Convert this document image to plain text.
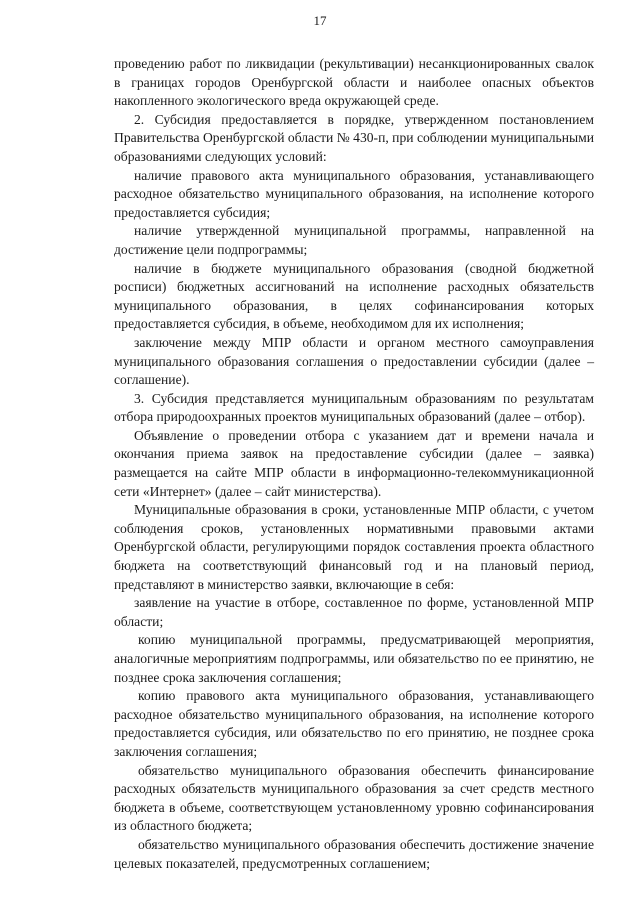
17

проведению работ по ликвидации (рекультивации) несанкционированных свалок в границах городов Оренбургской области и наиболее опасных объектов накопленного экологического вреда окружающей среде.

2. Субсидия предоставляется в порядке, утвержденном постановлением Правительства Оренбургской области № 430-п, при соблюдении муниципальными образованиями следующих условий:

наличие правового акта муниципального образования, устанавливающего расходное обязательство муниципального образования, на исполнение которого предоставляется субсидия;

наличие утвержденной муниципальной программы, направленной на достижение цели подпрограммы;

наличие в бюджете муниципального образования (сводной бюджетной росписи) бюджетных ассигнований на исполнение расходных обязательств муниципального образования, в целях софинансирования которых предоставляется субсидия, в объеме, необходимом для их исполнения;

заключение между МПР области и органом местного самоуправления муниципального образования соглашения о предоставлении субсидии (далее – соглашение).

3. Субсидия представляется муниципальным образованиям по результатам отбора природоохранных проектов муниципальных образований (далее – отбор).

Объявление о проведении отбора с указанием дат и времени начала и окончания приема заявок на предоставление субсидии (далее – заявка) размещается на сайте МПР области в информационно-телекоммуникационной сети «Интернет» (далее – сайт министерства).

Муниципальные образования в сроки, установленные МПР области, с учетом соблюдения сроков, установленных нормативными правовыми актами Оренбургской области, регулирующими порядок составления проекта областного бюджета на соответствующий финансовый год и на плановый период, представляют в министерство заявки, включающие в себя:

заявление на участие в отборе, составленное по форме, установленной МПР области;

копию муниципальной программы, предусматривающей мероприятия, аналогичные мероприятиям подпрограммы, или обязательство по ее принятию, не позднее срока заключения соглашения;

копию правового акта муниципального образования, устанавливающего расходное обязательство муниципального образования, на исполнение которого предоставляется субсидия, или обязательство по его принятию, не позднее срока заключения соглашения;

обязательство муниципального образования обеспечить финансирование расходных обязательств муниципального образования за счет средств местного бюджета в объеме, соответствующем установленному уровню софинансирования из областного бюджета;

обязательство муниципального образования обеспечить достижение значение целевых показателей, предусмотренных соглашением;
